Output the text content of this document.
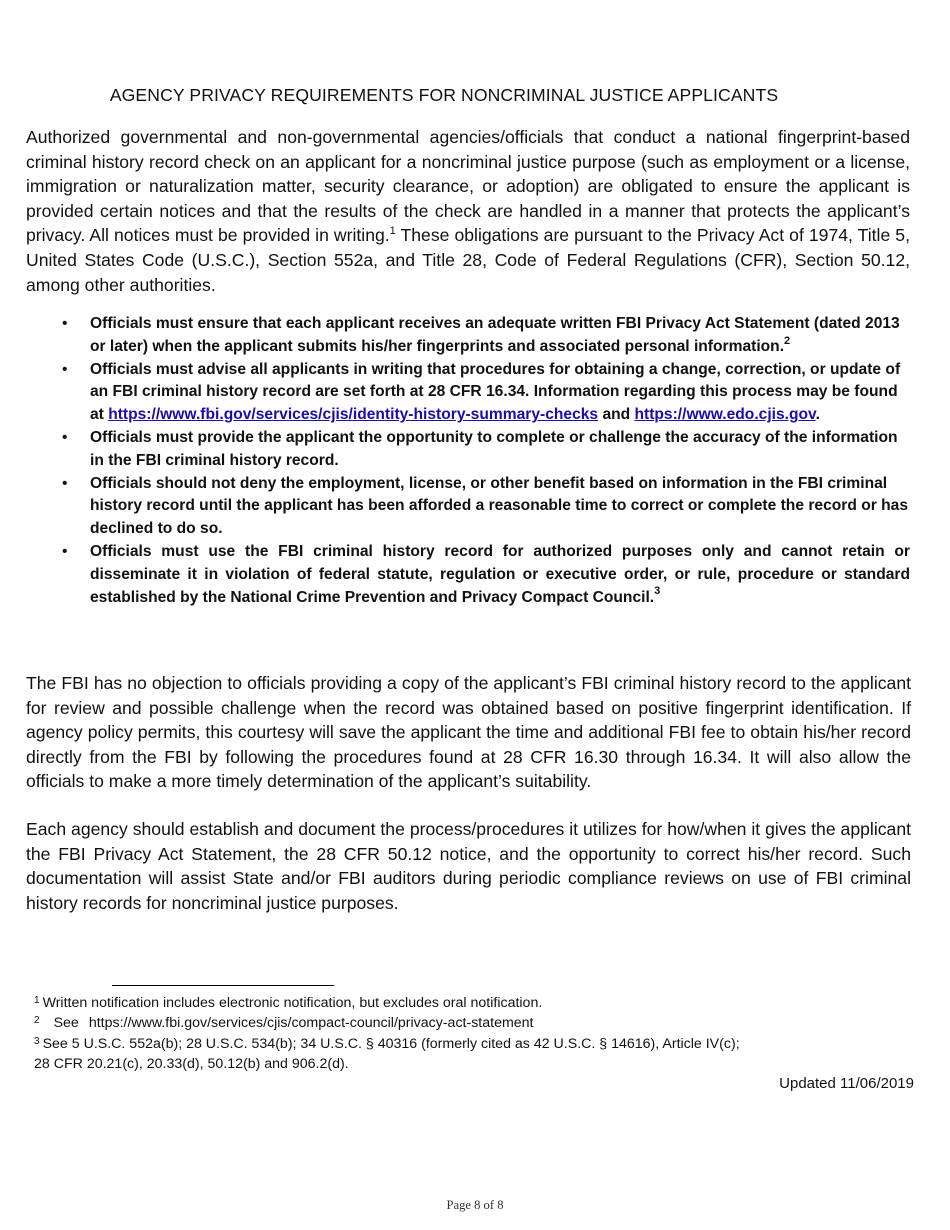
AGENCY PRIVACY REQUIREMENTS FOR NONCRIMINAL JUSTICE APPLICANTS

Authorized governmental and non-governmental agencies/officials that conduct a national fingerprint-based criminal history record check on an applicant for a noncriminal justice purpose (such as employment or a license, immigration or naturalization matter, security clearance, or adoption) are obligated to ensure the applicant is provided certain notices and that the results of the check are handled in a manner that protects the applicant’s privacy. All notices must be provided in writing.$^1$ These obligations are pursuant to the Privacy Act of 1974, Title 5, United States Code (U.S.C.), Section 552a, and Title 28, Code of Federal Regulations (CFR), Section 50.12, among other authorities.

• Officials must ensure that each applicant receives an adequate written FBI Privacy Act Statement (dated 2013 or later) when the applicant submits his/her fingerprints and associated personal information.$^2$
• Officials must advise all applicants in writing that procedures for obtaining a change, correction, or update of an FBI criminal history record are set forth at 28 CFR 16.34. Information regarding this process may be found at https://www.fbi.gov/services/cjis/identity-history-summary-checks and https://www.edo.cjis.gov.
• Officials must provide the applicant the opportunity to complete or challenge the accuracy of the information in the FBI criminal history record.
• Officials should not deny the employment, license, or other benefit based on information in the FBI criminal history record until the applicant has been afforded a reasonable time to correct or complete the record or has declined to do so.
• Officials must use the FBI criminal history record for authorized purposes only and cannot retain or disseminate it in violation of federal statute, regulation or executive order, or rule, procedure or standard established by the National Crime Prevention and Privacy Compact Council.$^3$

The FBI has no objection to officials providing a copy of the applicant’s FBI criminal history record to the applicant for review and possible challenge when the record was obtained based on positive fingerprint identification. If agency policy permits, this courtesy will save the applicant the time and additional FBI fee to obtain his/her record directly from the FBI by following the procedures found at 28 CFR 16.30 through 16.34. It will also allow the officials to make a more timely determination of the applicant’s suitability.

Each agency should establish and document the process/procedures it utilizes for how/when it gives the applicant the FBI Privacy Act Statement, the 28 CFR 50.12 notice, and the opportunity to correct his/her record. Such documentation will assist State and/or FBI auditors during periodic compliance reviews on use of FBI criminal history records for noncriminal justice purposes.

$^1$ Written notification includes electronic notification, but excludes oral notification.
$^2$ See https://www.fbi.gov/services/cjis/compact-council/privacy-act-statement
$^3$ See 5 U.S.C. 552a(b); 28 U.S.C. 534(b); 34 U.S.C. § 40316 (formerly cited as 42 U.S.C. § 14616), Article IV(c);
28 CFR 20.21(c), 20.33(d), 50.12(b) and 906.2(d).
Updated 11/06/2019
Page 8 of 8
